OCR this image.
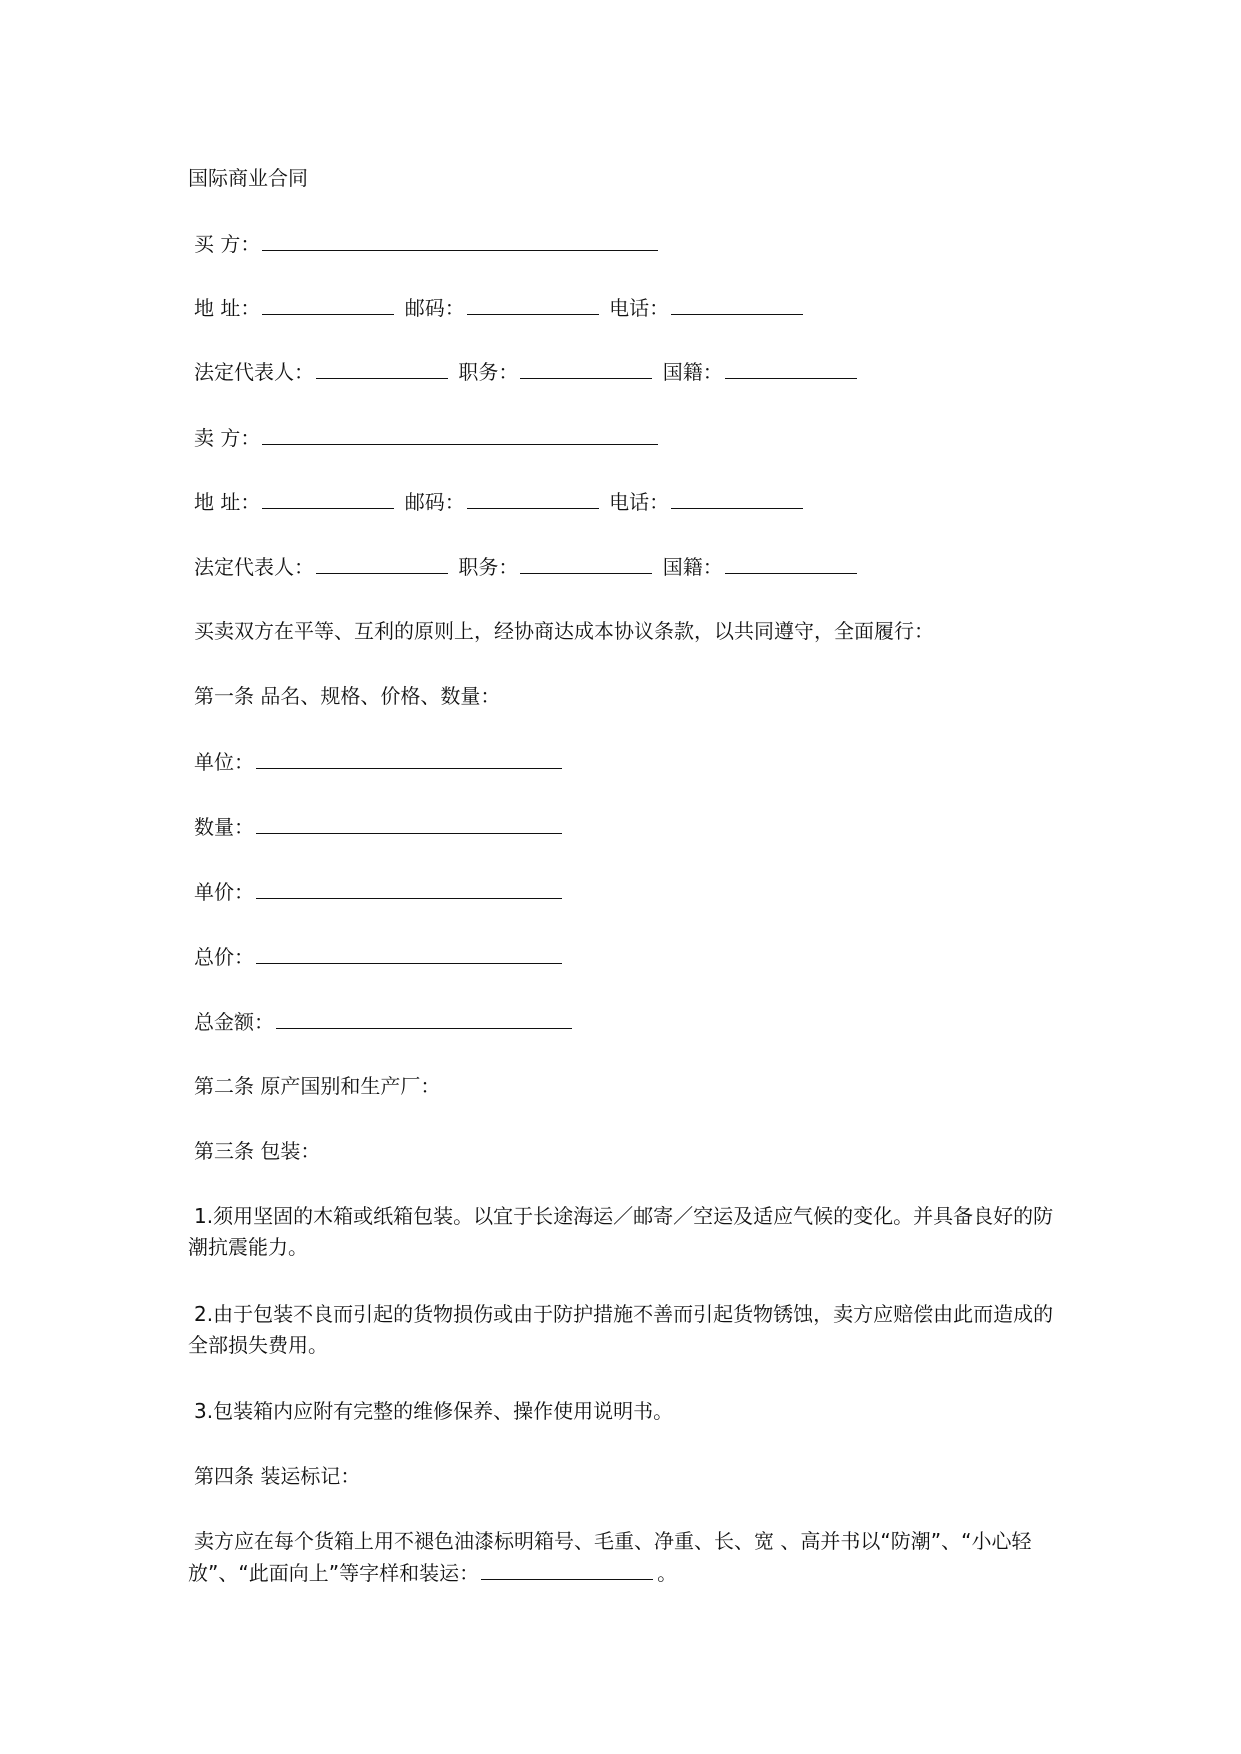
国际商业合同
买 方：
地 址：	邮码：	电话：
法定代表人：	职务：	国籍：
卖 方：
地 址：	邮码：	电话：
法定代表人：	职务：	国籍：
买卖双方在平等、互利的原则上，经协商达成本协议条款，以共同遵守，全面履行：
第一条 品名、规格、价格、数量：
单位：
数量：
单价：
总价：
总金额：
第二条 原产国别和生产厂：
第三条 包装：
1.须用坚固的木箱或纸箱包装。以宜于长途海运／邮寄／空运及适应气候的变化。并具备良好的防潮抗震能力。
2.由于包装不良而引起的货物损伤或由于防护措施不善而引起货物锈蚀，卖方应赔偿由此而造成的全部损失费用。
3.包装箱内应附有完整的维修保养、操作使用说明书。
第四条 装运标记：
卖方应在每个货箱上用不褪色油漆标明箱号、毛重、净重、长、宽 、高并书以“防潮”、“小心轻放”、“此面向上”等字样和装运：	。
